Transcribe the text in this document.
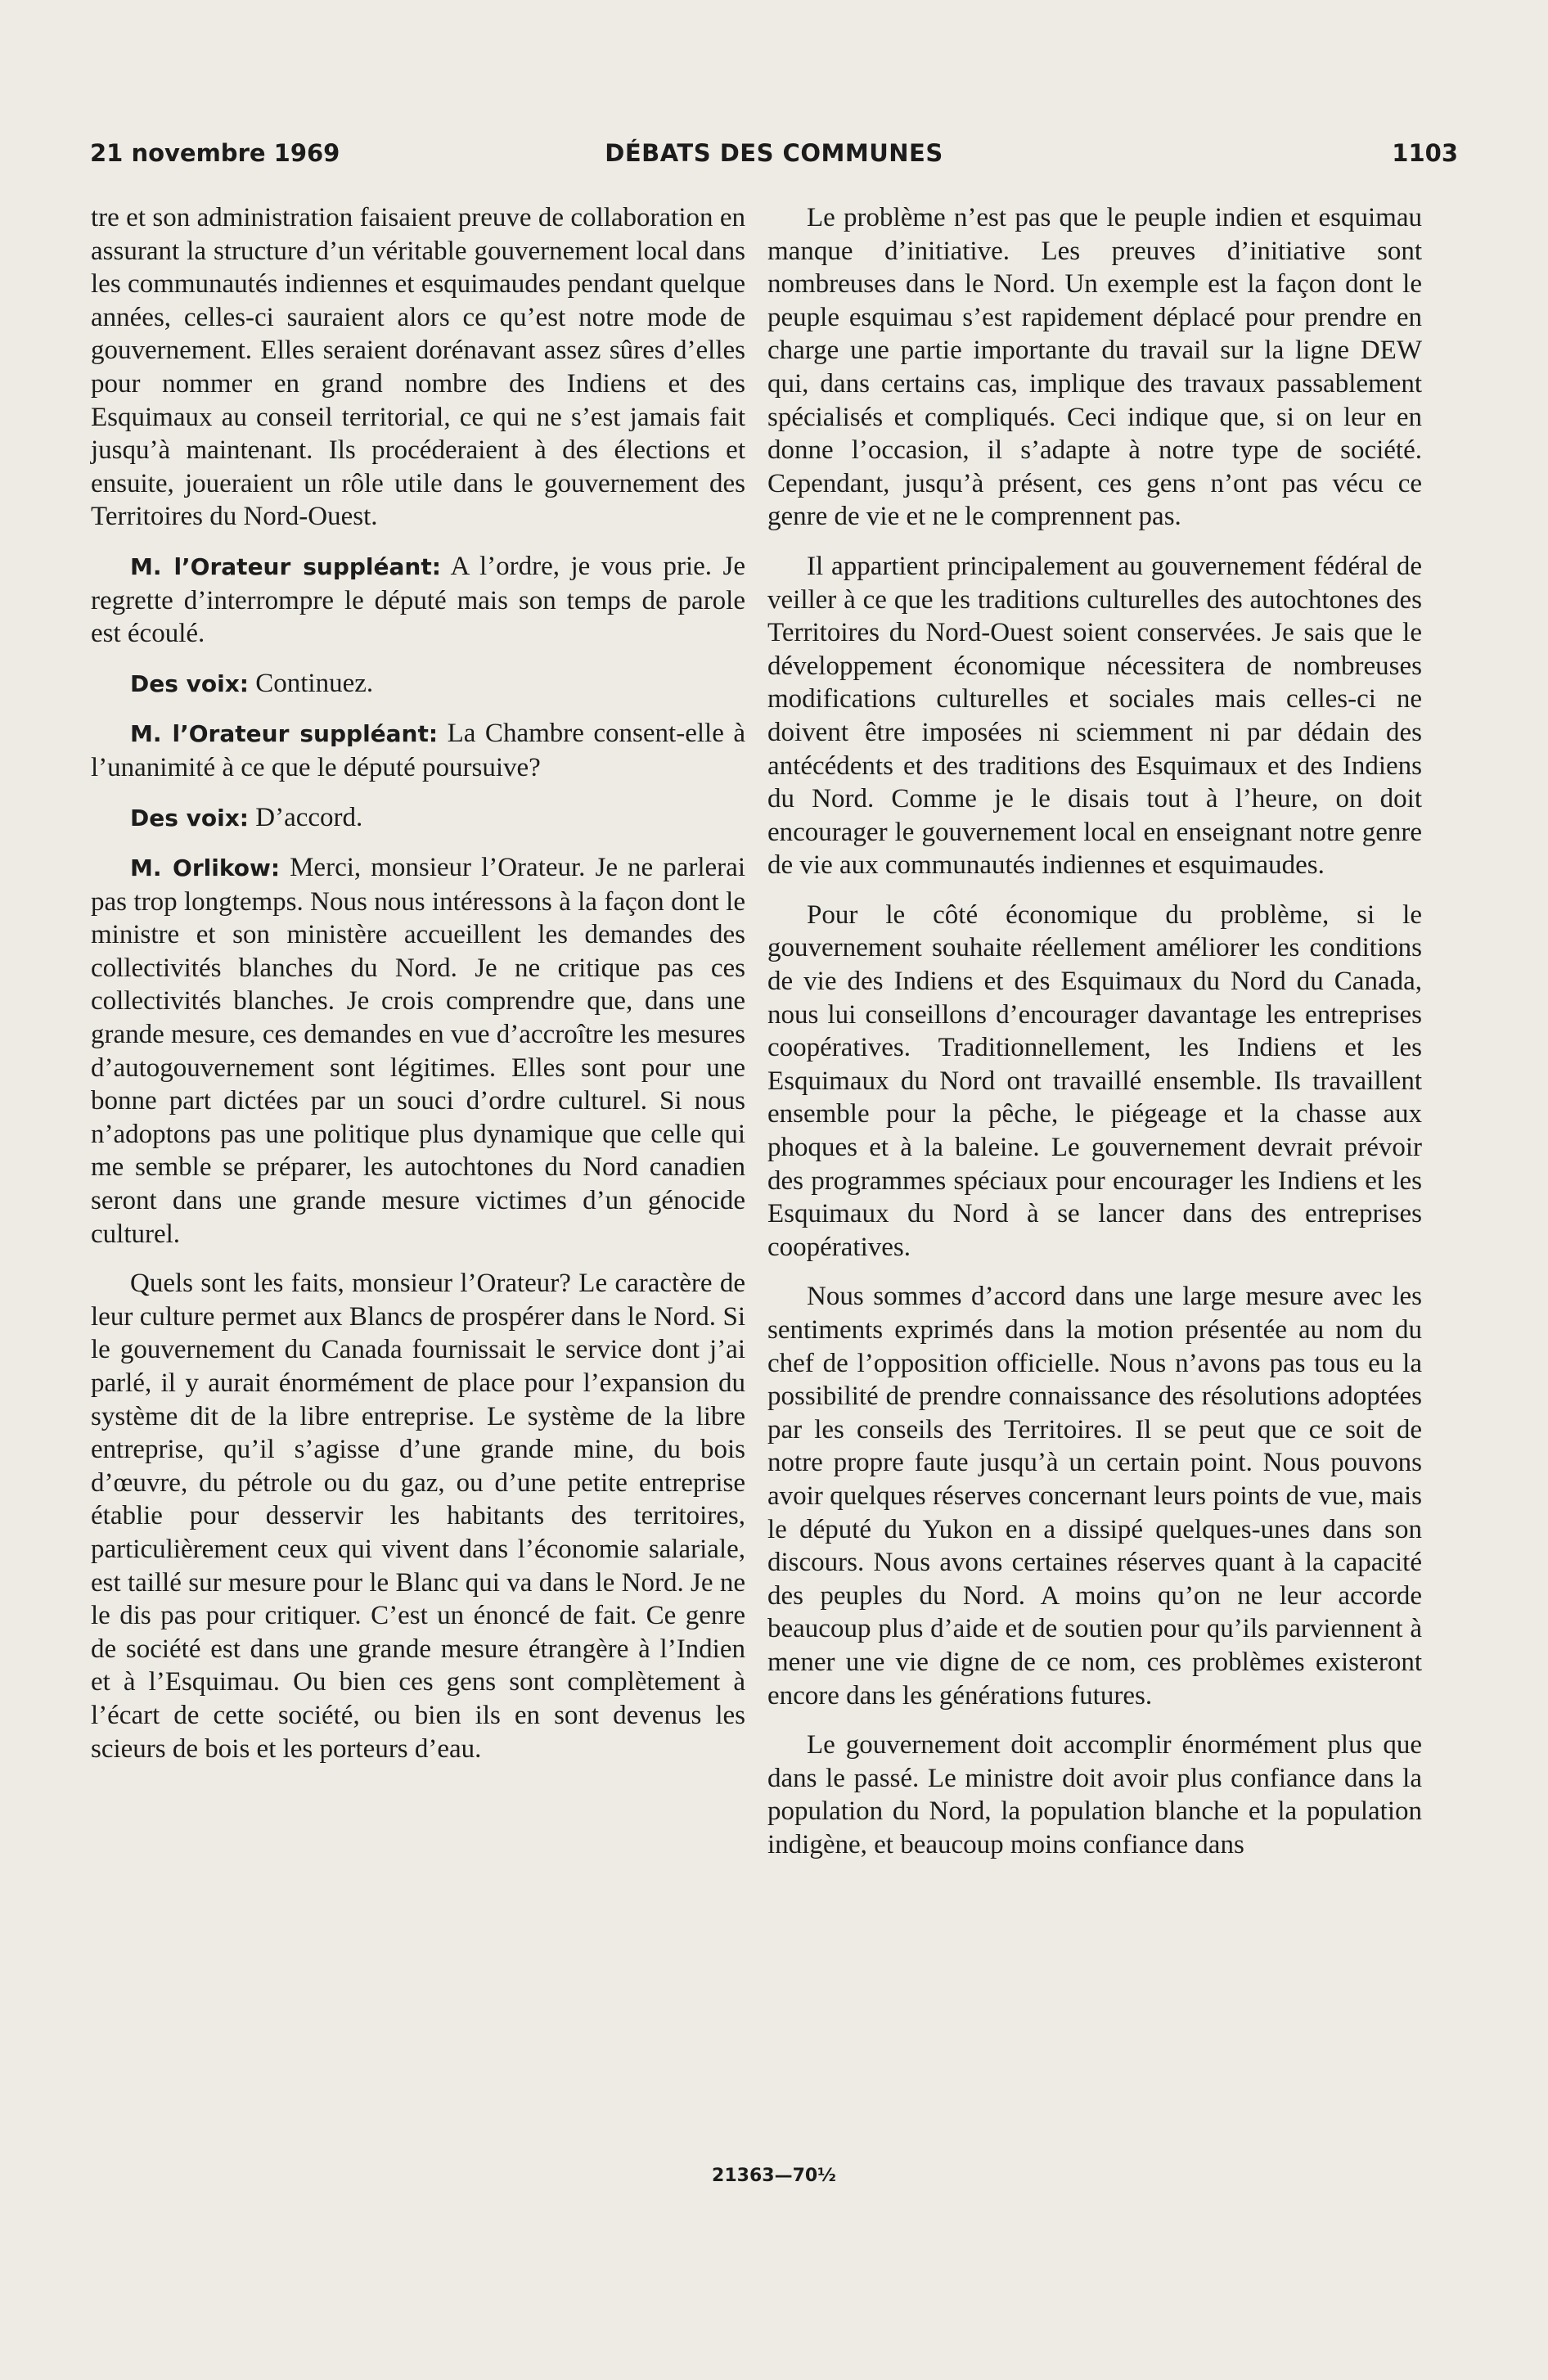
21 novembre 1969	DÉBATS DES COMMUNES	1103

tre et son administration faisaient preuve de collaboration en assurant la structure d’un véritable gouvernement local dans les communautés indiennes et esquimaudes pendant quelque années, celles-ci sauraient alors ce qu’est notre mode de gouvernement. Elles seraient dorénavant assez sûres d’elles pour nommer en grand nombre des Indiens et des Esquimaux au conseil territorial, ce qui ne s’est jamais fait jusqu’à maintenant. Ils procéderaient à des élections et ensuite, joueraient un rôle utile dans le gouvernement des Territoires du Nord-Ouest.

M. l’Orateur suppléant: A l’ordre, je vous prie. Je regrette d’interrompre le député mais son temps de parole est écoulé.

Des voix: Continuez.

M. l’Orateur suppléant: La Chambre consent-elle à l’unanimité à ce que le député poursuive?

Des voix: D’accord.

M. Orlikow: Merci, monsieur l’Orateur. Je ne parlerai pas trop longtemps. Nous nous intéressons à la façon dont le ministre et son ministère accueillent les demandes des collectivités blanches du Nord. Je ne critique pas ces collectivités blanches. Je crois comprendre que, dans une grande mesure, ces demandes en vue d’accroître les mesures d’autogouvernement sont légitimes. Elles sont pour une bonne part dictées par un souci d’ordre culturel. Si nous n’adoptons pas une politique plus dynamique que celle qui me semble se préparer, les autochtones du Nord canadien seront dans une grande mesure victimes d’un génocide culturel.

Quels sont les faits, monsieur l’Orateur? Le caractère de leur culture permet aux Blancs de prospérer dans le Nord. Si le gouvernement du Canada fournissait le service dont j’ai parlé, il y aurait énormément de place pour l’expansion du système dit de la libre entreprise. Le système de la libre entreprise, qu’il s’agisse d’une grande mine, du bois d’œuvre, du pétrole ou du gaz, ou d’une petite entreprise établie pour desservir les habitants des territoires, particulièrement ceux qui vivent dans l’économie salariale, est taillé sur mesure pour le Blanc qui va dans le Nord. Je ne le dis pas pour critiquer. C’est un énoncé de fait. Ce genre de société est dans une grande mesure étrangère à l’Indien et à l’Esquimau. Ou bien ces gens sont complètement à l’écart de cette société, ou bien ils en sont devenus les scieurs de bois et les porteurs d’eau.

Le problème n’est pas que le peuple indien et esquimau manque d’initiative. Les preuves d’initiative sont nombreuses dans le Nord. Un exemple est la façon dont le peuple esquimau s’est rapidement déplacé pour prendre en charge une partie importante du travail sur la ligne DEW qui, dans certains cas, implique des travaux passablement spécialisés et compliqués. Ceci indique que, si on leur en donne l’occasion, il s’adapte à notre type de société. Cependant, jusqu’à présent, ces gens n’ont pas vécu ce genre de vie et ne le comprennent pas.

Il appartient principalement au gouvernement fédéral de veiller à ce que les traditions culturelles des autochtones des Territoires du Nord-Ouest soient conservées. Je sais que le développement économique nécessitera de nombreuses modifications culturelles et sociales mais celles-ci ne doivent être imposées ni sciemment ni par dédain des antécédents et des traditions des Esquimaux et des Indiens du Nord. Comme je le disais tout à l’heure, on doit encourager le gouvernement local en enseignant notre genre de vie aux communautés indiennes et esquimaudes.

Pour le côté économique du problème, si le gouvernement souhaite réellement améliorer les conditions de vie des Indiens et des Esquimaux du Nord du Canada, nous lui conseillons d’encourager davantage les entreprises coopératives. Traditionnellement, les Indiens et les Esquimaux du Nord ont travaillé ensemble. Ils travaillent ensemble pour la pêche, le piégeage et la chasse aux phoques et à la baleine. Le gouvernement devrait prévoir des programmes spéciaux pour encourager les Indiens et les Esquimaux du Nord à se lancer dans des entreprises coopératives.

Nous sommes d’accord dans une large mesure avec les sentiments exprimés dans la motion présentée au nom du chef de l’opposition officielle. Nous n’avons pas tous eu la possibilité de prendre connaissance des résolutions adoptées par les conseils des Territoires. Il se peut que ce soit de notre propre faute jusqu’à un certain point. Nous pouvons avoir quelques réserves concernant leurs points de vue, mais le député du Yukon en a dissipé quelques-unes dans son discours. Nous avons certaines réserves quant à la capacité des peuples du Nord. A moins qu’on ne leur accorde beaucoup plus d’aide et de soutien pour qu’ils parviennent à mener une vie digne de ce nom, ces problèmes existeront encore dans les générations futures.

Le gouvernement doit accomplir énormément plus que dans le passé. Le ministre doit avoir plus confiance dans la population du Nord, la population blanche et la population indigène, et beaucoup moins confiance dans

21363—70½
